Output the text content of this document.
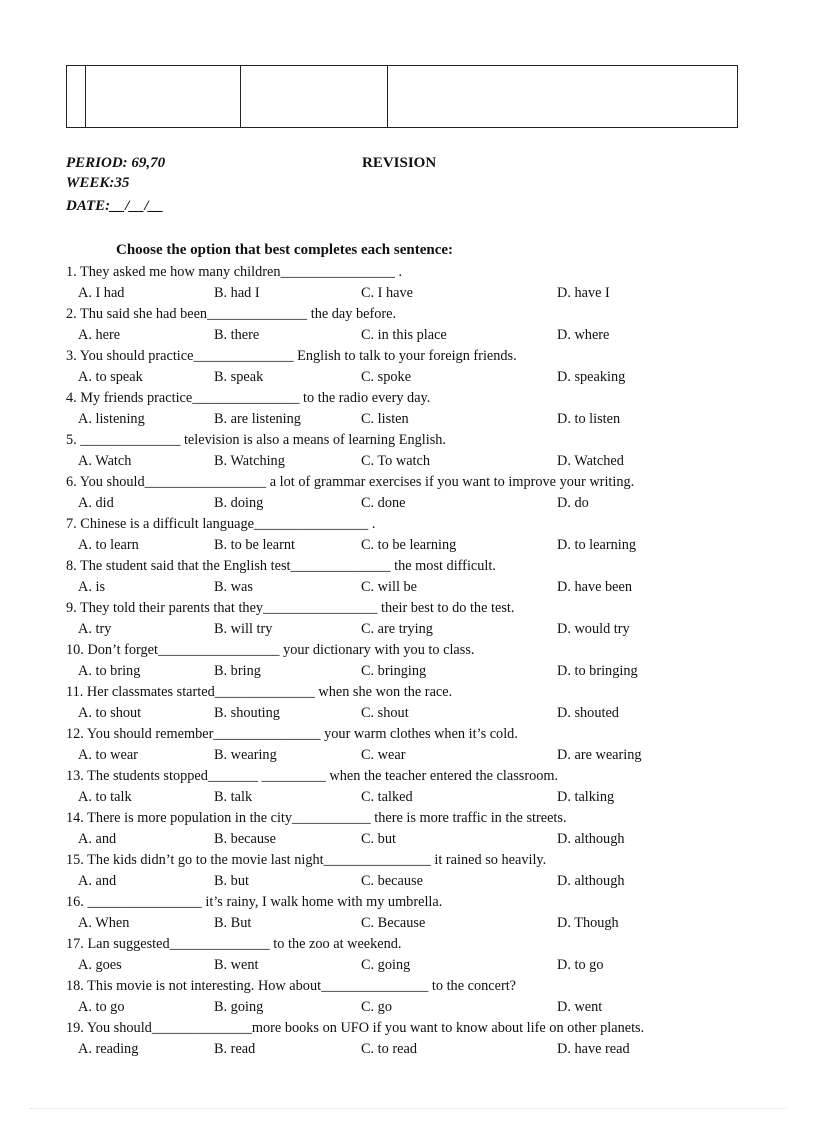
PERIOD: 69,70	REVISION
WEEK:35
DATE:__/__/__
Choose the option that best completes each sentence:
1. They asked me how many children________________ .
A. I had	B. had I	C. I have	D. have I
2. Thu said she had been______________ the day before.
A. here	B. there	C. in this place	D. where
3. You should practice______________ English to talk to your foreign friends.
A. to speak	B. speak	C. spoke	D. speaking
4. My friends practice_______________ to the radio every day.
A. listening	B. are listening	C. listen	D. to listen
5. ______________ television is also a means of learning English.
A. Watch	B. Watching	C. To watch	D. Watched
6. You should_________________ a lot of grammar exercises if you want to improve your writing.
A. did	B. doing	C. done	D. do
7. Chinese is a difficult language________________ .
A. to learn	B. to be learnt	C. to be learning	D. to learning
8. The student said that the English test______________ the most difficult.
A. is	B. was	C. will be	D. have been
9. They told their parents that they________________ their best to do the test.
A. try	B. will try	C. are trying	D. would try
10. Don’t forget_________________ your dictionary with you to class.
A. to bring	B. bring	C. bringing	D. to bringing
11. Her classmates started______________ when she won the race.
A. to shout	B. shouting	C. shout	D. shouted
12. You should remember_______________ your warm clothes when it’s cold.
A. to wear	B. wearing	C. wear	D. are wearing
13. The students stopped_______ _________ when the teacher entered the classroom.
A. to talk	B. talk	C. talked	D. talking
14. There is more population in the city___________ there is more traffic in the streets.
A. and	B. because	C. but	D. although
15. The kids didn’t go to the movie last night_______________ it rained so heavily.
A. and	B. but	C. because	D. although
16. ________________ it’s rainy, I walk home with my umbrella.
A. When	B. But	C. Because	D. Though
17. Lan suggested______________ to the zoo at weekend.
A. goes	B. went	C. going	D. to go
18. This movie is not interesting. How about_______________ to the concert?
A. to go	B. going	C. go	D. went
19. You should______________more books on UFO if you want to know about life on other planets.
A. reading	B. read	C. to read	D. have read
